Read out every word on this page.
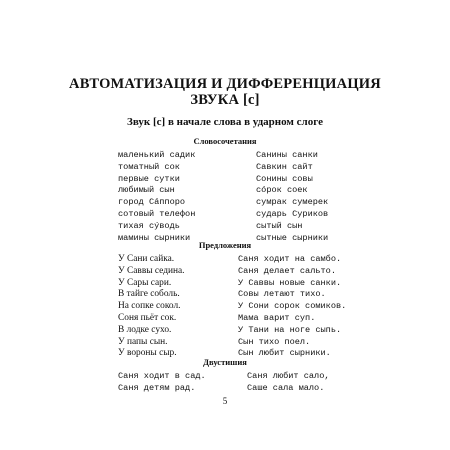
АВТОМАТИЗАЦИЯ И ДИФФЕРЕНЦИАЦИЯ
ЗВУКА [с]
Звук [с] в начале слова в ударном слоге
Словосочетания
маленький садик
томатный сок
первые сутки
любимый сын
город Сáппоро
сотовый телефон
тихая сýводь
мамины сырники
Санины санки
Савкин сайт
Сонины совы
сóрок соек
сумрак сумерек
сударь Суриков
сытый сын
сытные сырники
Предложения
У Сани сайка.
У Саввы седина.
У Сары сари.
В тайге соболь.
На сопке сокол.
Соня пьёт сок.
В лодке сухо.
У папы сын.
У вороны сыр.
Саня ходит на самбо.
Саня делает сальто.
У Саввы новые санки.
Совы летают тихо.
У Сони сорок сомиков.
Мама варит суп.
У Тани на ноге сыпь.
Сын тихо поел.
Сын любит сырники.
Двустишия
Саня ходит в сад.
Саня детям рад.
Саня любит сало,
Саше сала мало.
5
